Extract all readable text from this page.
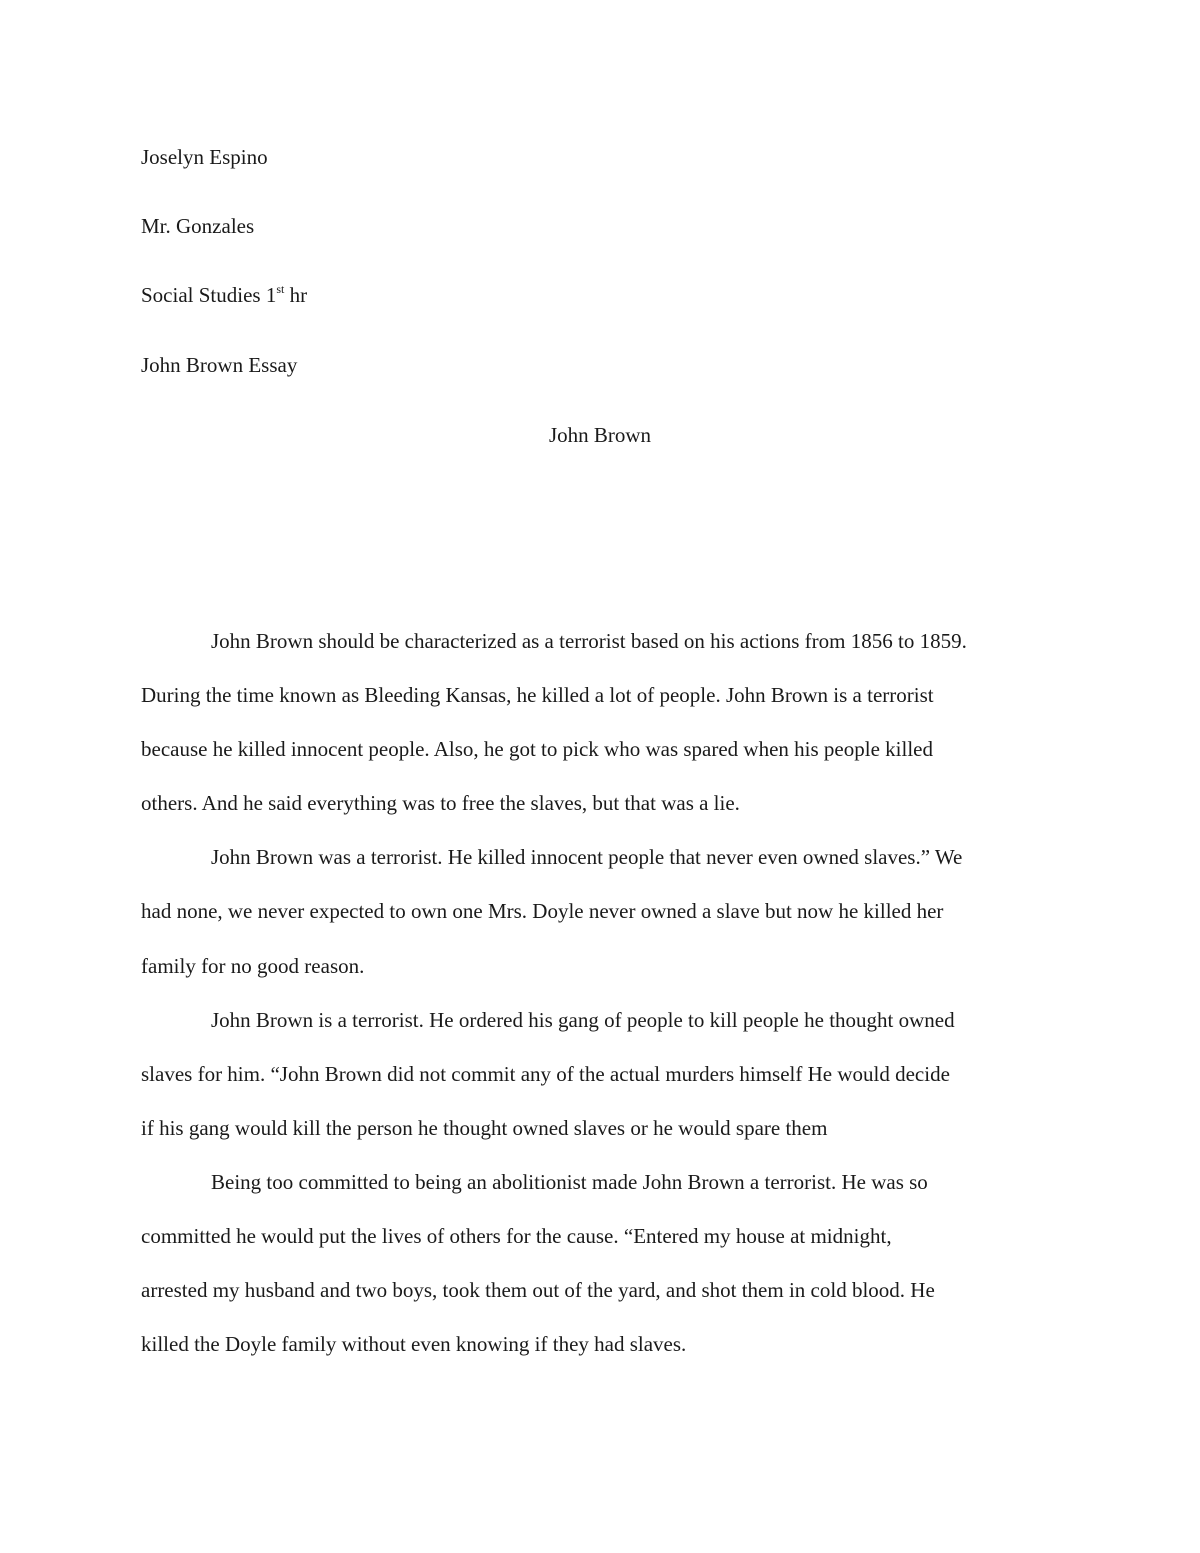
Joselyn Espino
Mr. Gonzales
Social Studies 1st hr
John Brown Essay
John Brown
John Brown should be characterized as a terrorist based on his actions from 1856 to 1859.
During the time known as Bleeding Kansas, he killed a lot of people. John Brown is a terrorist
because he killed innocent people. Also, he got to pick who was spared when his people killed
others. And he said everything was to free the slaves, but that was a lie.
John Brown was a terrorist. He killed innocent people that never even owned slaves.” We
had none, we never expected to own one Mrs. Doyle never owned a slave but now he killed her
family for no good reason.
John Brown is a terrorist. He ordered his gang of people to kill people he thought owned
slaves for him. “John Brown did not commit any of the actual murders himself He would decide
if his gang would kill the person he thought owned slaves or he would spare them
Being too committed to being an abolitionist made John Brown a terrorist. He was so
committed he would put the lives of others for the cause. “Entered my house at midnight,
arrested my husband and two boys, took them out of the yard, and shot them in cold blood. He
killed the Doyle family without even knowing if they had slaves.
